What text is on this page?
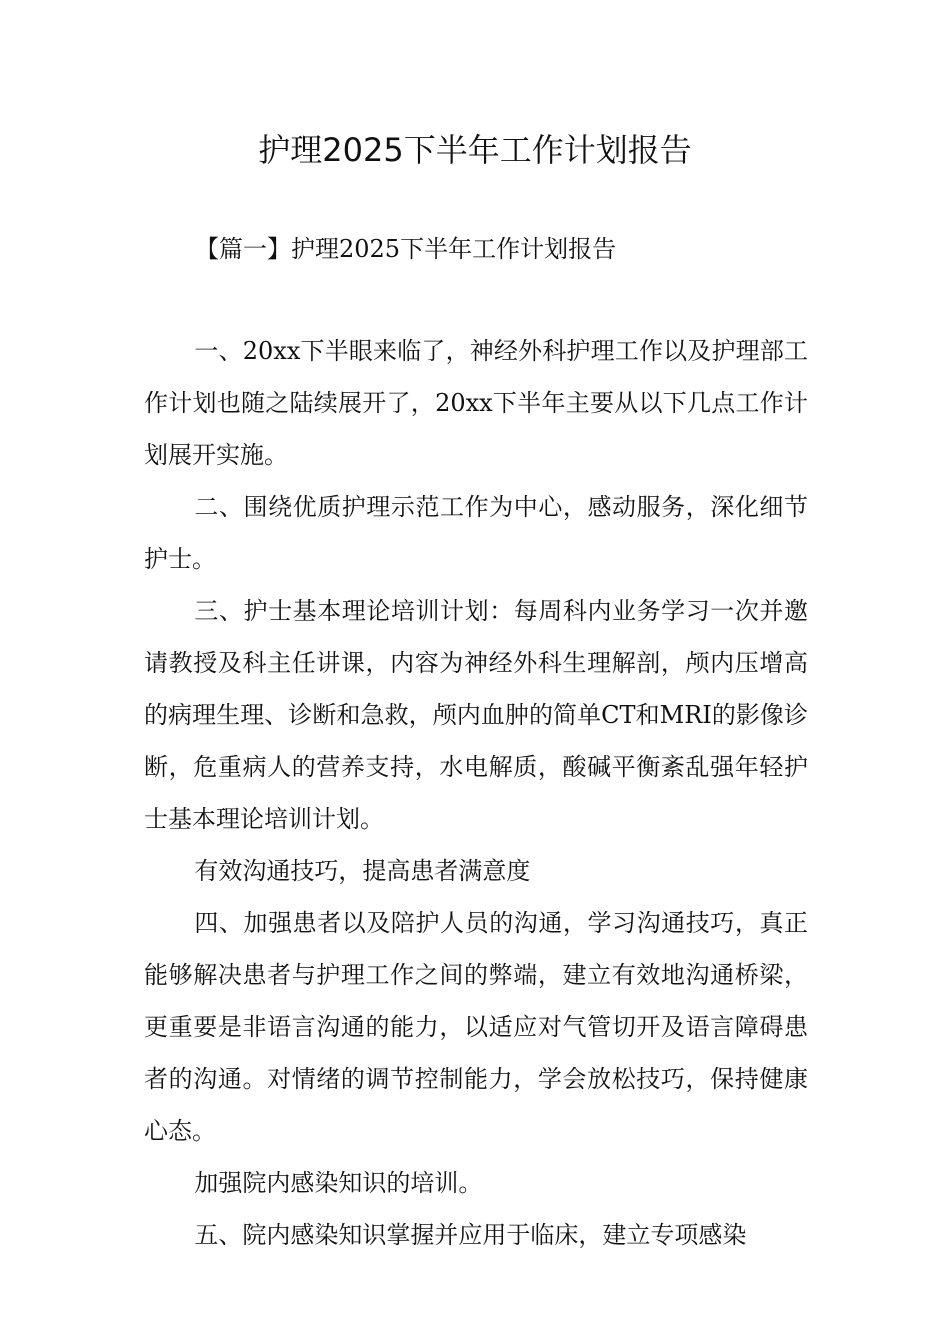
护理2025下半年工作计划报告

【篇一】护理2025下半年工作计划报告

一、20xx下半眼来临了，神经外科护理工作以及护理部工作计划也随之陆续展开了，20xx下半年主要从以下几点工作计划展开实施。

二、围绕优质护理示范工作为中心，感动服务，深化细节护士。

三、护士基本理论培训计划：每周科内业务学习一次并邀请教授及科主任讲课，内容为神经外科生理解剖，颅内压增高的病理生理、诊断和急救，颅内血肿的简单CT和MRI的影像诊断，危重病人的营养支持，水电解质，酸碱平衡紊乱强年轻护士基本理论培训计划。

有效沟通技巧，提高患者满意度

四、加强患者以及陪护人员的沟通，学习沟通技巧，真正能够解决患者与护理工作之间的弊端，建立有效地沟通桥梁，更重要是非语言沟通的能力，以适应对气管切开及语言障碍患者的沟通。对情绪的调节控制能力，学会放松技巧，保持健康心态。

加强院内感染知识的培训。

五、院内感染知识掌握并应用于临床，建立专项感染
